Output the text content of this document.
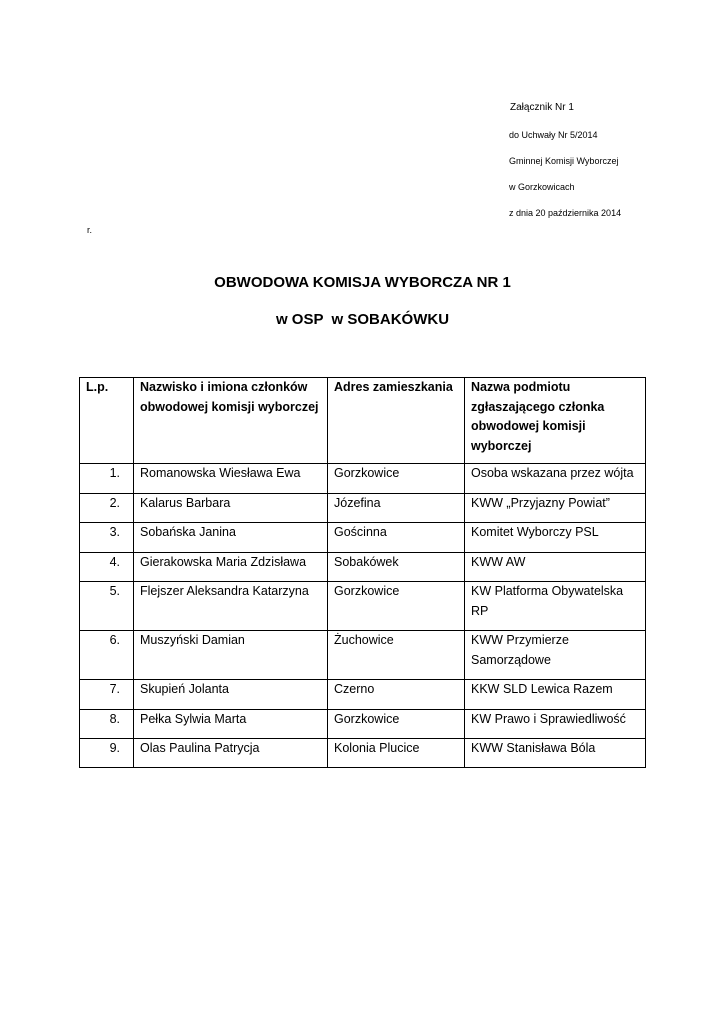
Załącznik Nr 1
do Uchwały Nr 5/2014
Gminnej Komisji Wyborczej
w Gorzkowicach
z dnia 20 października 2014
r.
OBWODOWA KOMISJA WYBORCZA NR 1
w OSP  w SOBAKÓWKU
L.p.	Nazwisko i imiona członków obwodowej komisji wyborczej	Adres zamieszkania	Nazwa podmiotu zgłaszającego członka obwodowej komisji wyborczej
1.	Romanowska Wiesława Ewa	Gorzkowice	Osoba wskazana przez wójta
2.	Kalarus Barbara	Józefina	KWW „Przyjazny Powiat”
3.	Sobańska Janina	Gościnna	Komitet Wyborczy PSL
4.	Gierakowska Maria Zdzisława	Sobakówek	KWW AW
5.	Flejszer Aleksandra Katarzyna	Gorzkowice	KW Platforma Obywatelska RP
6.	Muszyński Damian	Żuchowice	KWW Przymierze Samorządowe
7.	Skupień Jolanta	Czerno	KKW SLD Lewica Razem
8.	Pełka Sylwia Marta	Gorzkowice	KW Prawo i Sprawiedliwość
9.	Olas Paulina Patrycja	Kolonia Plucice	KWW Stanisława Bóla
